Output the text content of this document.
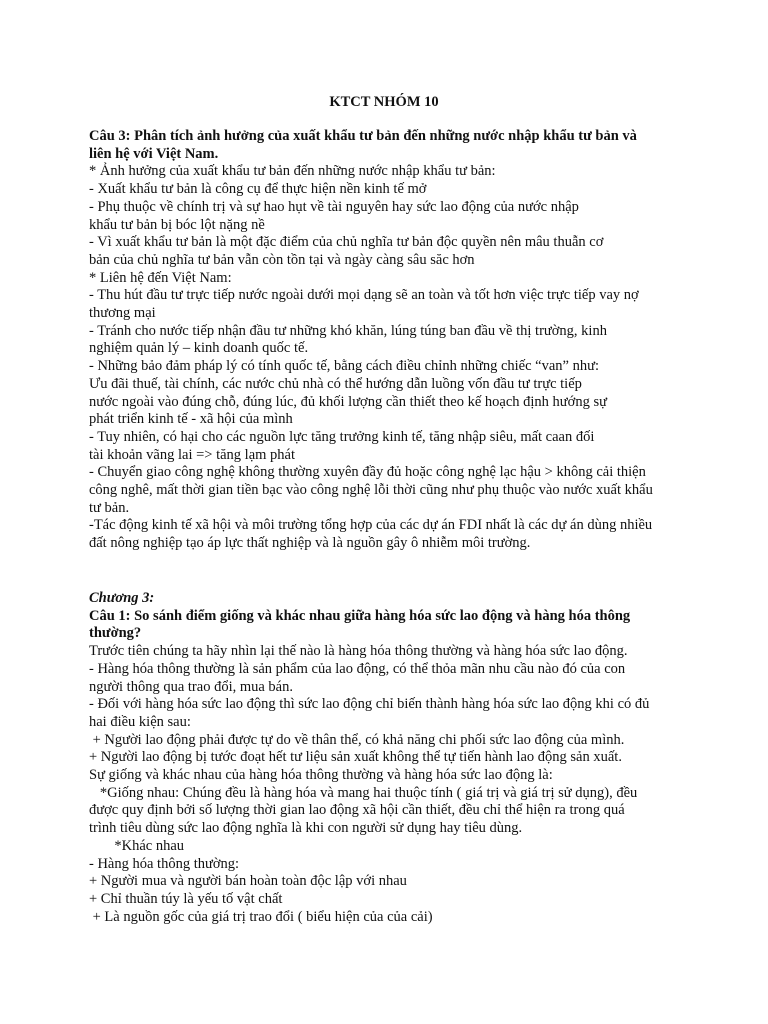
KTCT NHÓM 10

Câu 3: Phân tích ảnh hưởng của xuất khẩu tư bản đến những nước nhập khẩu tư bản và

liên hệ với Việt Nam.

* Ảnh hưởng của xuất khẩu tư bản đến những nước nhập khẩu tư bản:

- Xuất khẩu tư bản là công cụ để thực hiện nền kinh tế mở

- Phụ thuộc về chính trị và sự hao hụt về tài nguyên hay sức lao động của nước nhập

khẩu tư bản bị bóc lột nặng nề

- Vì xuất khẩu tư bản là một đặc điểm của chủ nghĩa tư bản độc quyền nên mâu thuẫn cơ

bản của chủ nghĩa tư bản vẫn còn tồn tại và ngày càng sâu săc hơn

* Liên hệ đến Việt Nam:

- Thu hút đầu tư trực tiếp nước ngoài dưới mọi dạng sẽ an toàn và tốt hơn việc trực tiếp vay nợ

thương mại

- Tránh cho nước tiếp nhận đầu tư những khó khăn, lúng túng ban đầu về thị trường, kinh

nghiệm quản lý – kinh doanh quốc tế.

- Những bảo đảm pháp lý có tính quốc tế, bằng cách điều chỉnh những chiếc “van” như:

Ưu đãi thuế, tài chính, các nước chủ nhà có thể hướng dẫn luồng vốn đầu tư trực tiếp

nước ngoài vào đúng chỗ, đúng lúc, đủ khối lượng cần thiết theo kế hoạch định hướng sự

phát triển kinh tế - xã hội của mình

- Tuy nhiên, có hại cho các nguồn lực tăng trưởng kinh tế, tăng nhập siêu, mất caan đối

tài khoản vãng lai => tăng lạm phát

- Chuyển giao công nghệ không thường xuyên đầy đủ hoặc công nghệ lạc hậu > không cải thiện

công nghê, mất thời gian tiền bạc vào công nghệ lỗi thời cũng như phụ thuộc vào nước xuất khẩu

tư bản.

-Tác động kinh tế xã hội và môi trường tổng hợp của các dự án FDI nhất là các dự án dùng nhiều

đất nông nghiệp tạo áp lực thất nghiệp và là nguồn gây ô nhiễm môi trường.

Chương 3:

Câu 1: So sánh điểm giống và khác nhau giữa hàng hóa sức lao động và hàng hóa thông

thường?

Trước tiên chúng ta hãy nhìn lại thế nào là hàng hóa thông thường và hàng hóa sức lao động.

- Hàng hóa thông thường là sản phẩm của lao động, có thể thỏa mãn nhu cầu nào đó của con

người thông qua trao đổi, mua bán.

- Đối với hàng hóa sức lao động thì sức lao động chỉ biến thành hàng hóa sức lao động khi có đủ

hai điều kiện sau:

+ Người lao động phải được tự do về thân thể, có khả năng chi phối sức lao động của mình.

+ Người lao động bị tước đoạt hết tư liệu sản xuất không thể tự tiến hành lao động sản xuất.

Sự giống và khác nhau của hàng hóa thông thường và hàng hóa sức lao động là:

*Giống nhau: Chúng đều là hàng hóa và mang hai thuộc tính ( giá trị và giá trị sử dụng), đều

được quy định bởi số lượng thời gian lao động xã hội cần thiết, đều chỉ thể hiện ra trong quá

trình tiêu dùng sức lao động nghĩa là khi con người sử dụng hay tiêu dùng.

*Khác nhau

- Hàng hóa thông thường:

+ Người mua và người bán hoàn toàn độc lập với nhau

+ Chỉ thuần túy là yếu tố vật chất

+ Là nguồn gốc của giá trị trao đổi ( biểu hiện của của cải)
